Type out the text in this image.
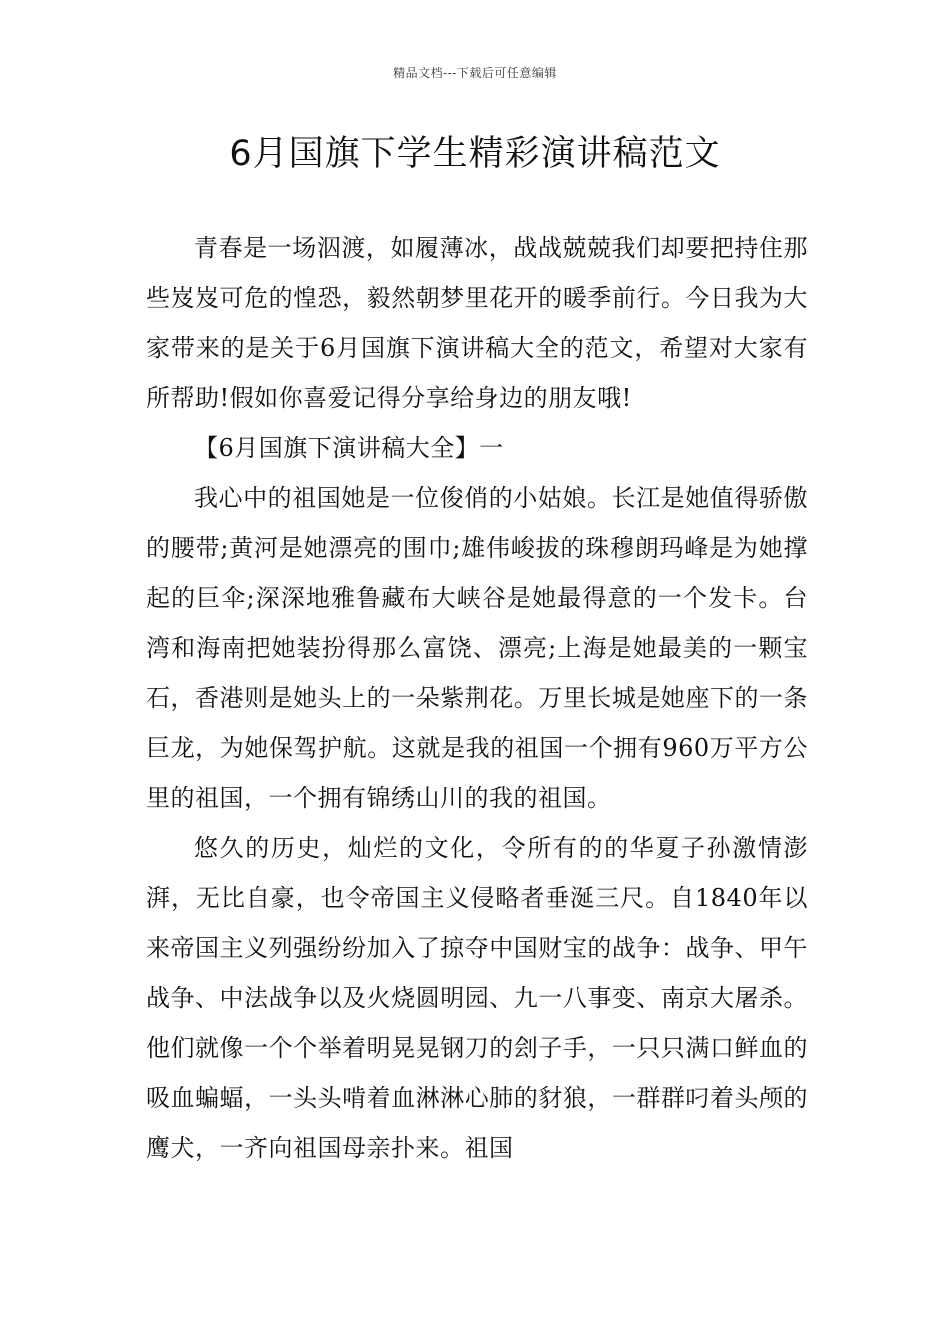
精品文档---下载后可任意编辑
6月国旗下学生精彩演讲稿范文

青春是一场泅渡，如履薄冰，战战兢兢我们却要把持住那些岌岌可危的惶恐，毅然朝梦里花开的暖季前行。今日我为大家带来的是关于6月国旗下演讲稿大全的范文，希望对大家有所帮助!假如你喜爱记得分享给身边的朋友哦!

【6月国旗下演讲稿大全】一

我心中的祖国她是一位俊俏的小姑娘。长江是她值得骄傲的腰带;黄河是她漂亮的围巾;雄伟峻拔的珠穆朗玛峰是为她撑起的巨伞;深深地雅鲁藏布大峡谷是她最得意的一个发卡。台湾和海南把她装扮得那么富饶、漂亮;上海是她最美的一颗宝石，香港则是她头上的一朵紫荆花。万里长城是她座下的一条巨龙，为她保驾护航。这就是我的祖国一个拥有960万平方公里的祖国，一个拥有锦绣山川的我的祖国。

悠久的历史，灿烂的文化，令所有的的华夏子孙激情澎湃，无比自豪，也令帝国主义侵略者垂涎三尺。自1840年以来帝国主义列强纷纷加入了掠夺中国财宝的战争：战争、甲午战争、中法战争以及火烧圆明园、九一八事变、南京大屠杀。他们就像一个个举着明晃晃钢刀的刽子手，一只只满口鲜血的吸血蝙蝠，一头头啃着血淋淋心肺的豺狼，一群群叼着头颅的鹰犬，一齐向祖国母亲扑来。祖国
